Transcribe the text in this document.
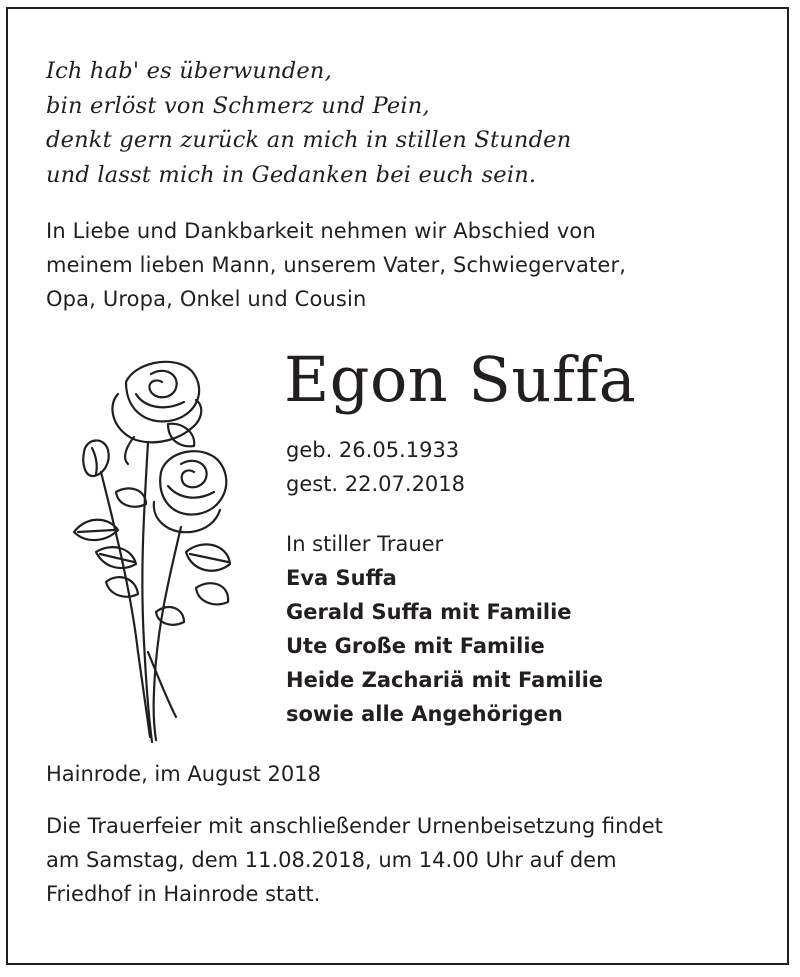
Ich hab' es überwunden,
bin erlöst von Schmerz und Pein,
denkt gern zurück an mich in stillen Stunden
und lasst mich in Gedanken bei euch sein.
In Liebe und Dankbarkeit nehmen wir Abschied von
meinem lieben Mann, unserem Vater, Schwiegervater,
Opa, Uropa, Onkel und Cousin
Egon Suffa
geb. 26.05.1933
gest. 22.07.2018
In stiller Trauer
Eva Suffa
Gerald Suffa mit Familie
Ute Große mit Familie
Heide Zachariä mit Familie
sowie alle Angehörigen
Hainrode, im August 2018
Die Trauerfeier mit anschließender Urnenbeisetzung findet
am Samstag, dem 11.08.2018, um 14.00 Uhr auf dem
Friedhof in Hainrode statt.
